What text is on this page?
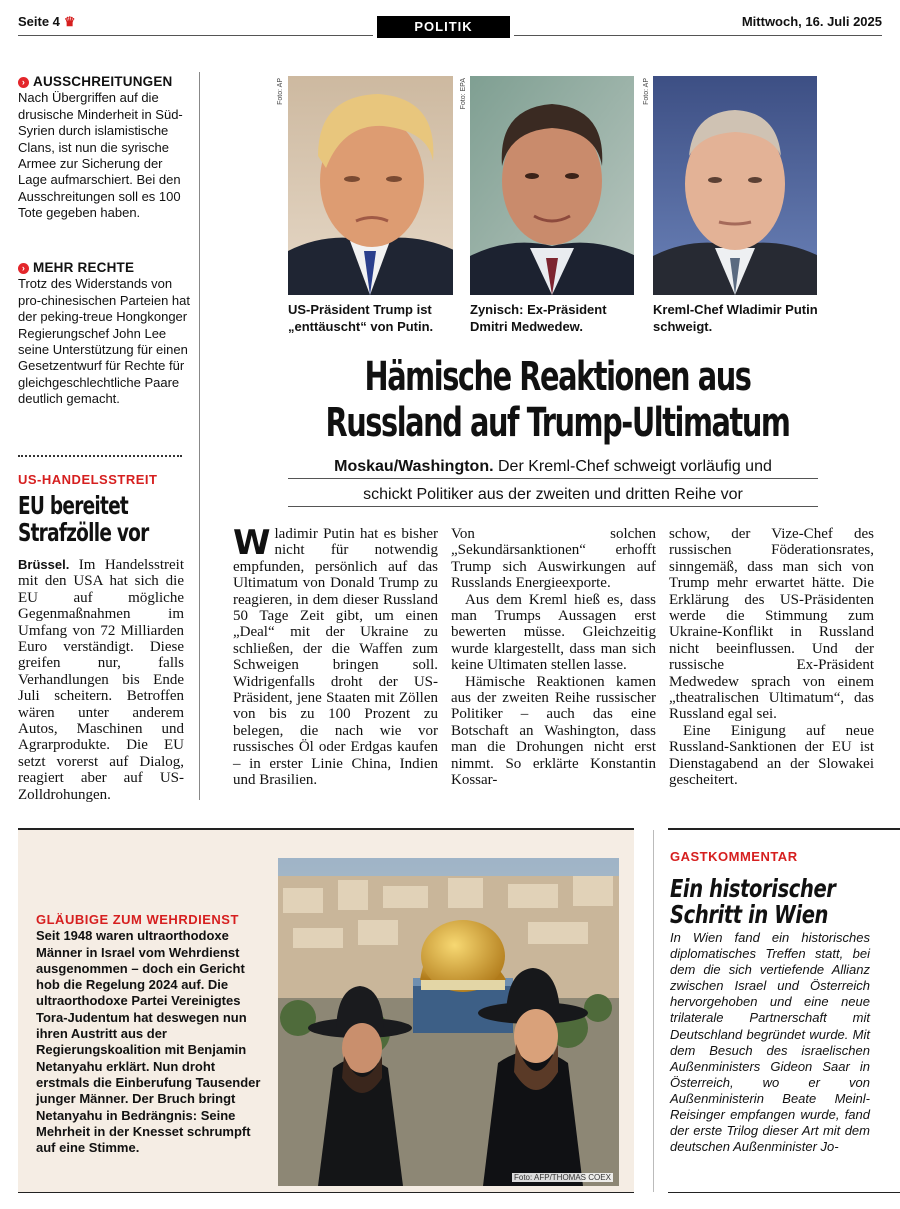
Seite 4 ♛	POLITIK	Mittwoch, 16. Juli 2025
› AUSSCHREITUNGEN
Nach Übergriffen auf die drusische Minderheit in Süd-Syrien durch islamistische Clans, ist nun die syrische Armee zur Sicherung der Lage aufmarschiert. Bei den Ausschreitungen soll es 100 Tote gegeben haben.
› MEHR RECHTE
Trotz des Widerstands von pro-chinesischen Parteien hat der peking-treue Hongkonger Regierungschef John Lee seine Unterstützung für einen Gesetzentwurf für Rechte für gleichgeschlechtliche Paare deutlich gemacht.
US-HANDELSSTREIT
EU bereitet
Strafzölle vor
Brüssel. Im Handelsstreit mit den USA hat sich die EU auf mögliche Gegenmaßnahmen im Umfang von 72 Milliarden Euro verständigt. Diese greifen nur, falls Verhandlungen bis Ende Juli scheitern. Betroffen wären unter anderem Autos, Maschinen und Agrarprodukte. Die EU setzt vorerst auf Dialog, reagiert aber auf US-Zolldrohungen.
Foto: AP	Foto: EPA	Foto: AP
US-Präsident Trump ist „enttäuscht“ von Putin.
Zynisch: Ex-Präsident Dmitri Medwedew.
Kreml-Chef Wladimir Putin schweigt.
Hämische Reaktionen aus
Russland auf Trump-Ultimatum
Moskau/Washington. Der Kreml-Chef schweigt vorläufig und
schickt Politiker aus der zweiten und dritten Reihe vor
Wladimir Putin hat es bisher nicht für notwendig empfunden, persönlich auf das Ultimatum von Donald Trump zu reagieren, in dem dieser Russland 50 Tage Zeit gibt, um einen „Deal“ mit der Ukraine zu schließen, der die Waffen zum Schweigen bringen soll. Widrigenfalls droht der US-Präsident, jene Staaten mit Zöllen von bis zu 100 Prozent zu belegen, die nach wie vor russisches Öl oder Erdgas kaufen – in erster Linie China, Indien und Brasilien.

Von solchen „Sekundärsanktionen“ erhofft Trump sich Auswirkungen auf Russlands Energieexporte.

Aus dem Kreml hieß es, dass man Trumps Aussagen erst bewerten müsse. Gleichzeitig wurde klargestellt, dass man sich keine Ultimaten stellen lasse.

Hämische Reaktionen kamen aus der zweiten Reihe russischer Politiker – auch das eine Botschaft an Washington, dass man die Drohungen nicht erst nimmt. So erklärte Konstantin Kossar-

schow, der Vize-Chef des russischen Föderationsrates, sinngemäß, dass man sich von Trump mehr erwartet hätte. Die Erklärung des US-Präsidenten werde die Stimmung zum Ukraine-Konflikt in Russland nicht beeinflussen. Und der russische Ex-Präsident Medwedew sprach von einem „theatralischen Ultimatum“, das Russland egal sei.

Eine Einigung auf neue Russland-Sanktionen der EU ist Dienstagabend an der Slowakei gescheitert.

GLÄUBIGE ZUM WEHRDIENST
Seit 1948 waren ultraorthodoxe Männer in Israel vom Wehrdienst ausgenommen – doch ein Gericht hob die Regelung 2024 auf. Die ultraorthodoxe Partei Vereinigtes Tora-Judentum hat deswegen nun ihren Austritt aus der Regierungskoalition mit Benjamin Netanyahu erklärt. Nun droht erstmals die Einberufung Tausender junger Männer. Der Bruch bringt Netanyahu in Bedrängnis: Seine Mehrheit in der Knesset schrumpft auf eine Stimme.
Foto: AFP/THOMAS COEX
GASTKOMMENTAR
Ein historischer
Schritt in Wien
In Wien fand ein historisches diplomatisches Treffen statt, bei dem die sich vertiefende Allianz zwischen Israel und Österreich hervorgehoben und eine neue trilaterale Partnerschaft mit Deutschland begründet wurde. Mit dem Besuch des israelischen Außenministers Gideon Saar in Österreich, wo er von Außenministerin Beate Meinl-Reisinger empfangen wurde, fand der erste Trilog dieser Art mit dem deutschen Außenminister Jo-
